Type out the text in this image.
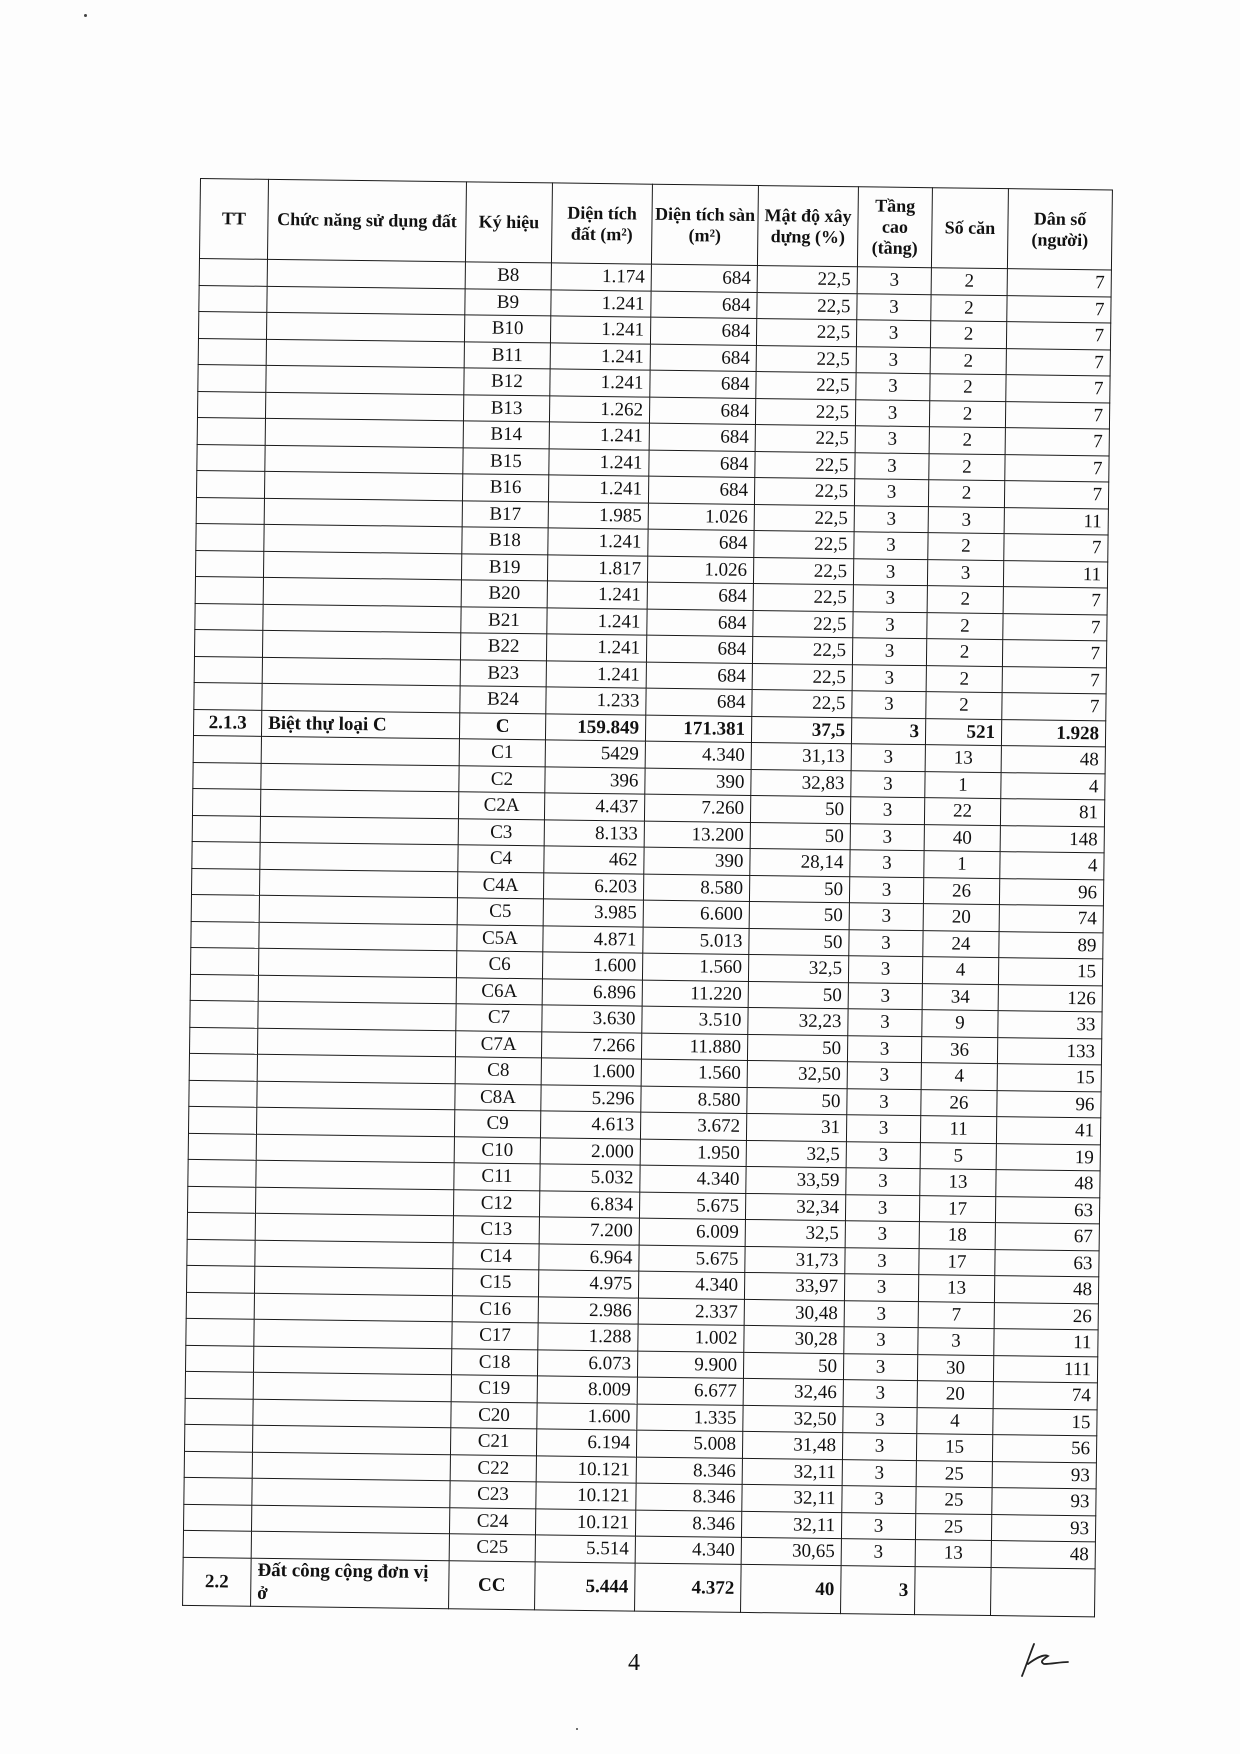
TT	Chức năng sử dụng đất	Ký hiệu	Diện tích đất (m²)	Diện tích sàn (m²)	Mật độ xây dựng (%)	Tầng cao (tầng)	Số căn	Dân số (người)
		B8	1.174	684	22,5	3	2	7
		B9	1.241	684	22,5	3	2	7
		B10	1.241	684	22,5	3	2	7
		B11	1.241	684	22,5	3	2	7
		B12	1.241	684	22,5	3	2	7
		B13	1.262	684	22,5	3	2	7
		B14	1.241	684	22,5	3	2	7
		B15	1.241	684	22,5	3	2	7
		B16	1.241	684	22,5	3	2	7
		B17	1.985	1.026	22,5	3	3	11
		B18	1.241	684	22,5	3	2	7
		B19	1.817	1.026	22,5	3	3	11
		B20	1.241	684	22,5	3	2	7
		B21	1.241	684	22,5	3	2	7
		B22	1.241	684	22,5	3	2	7
		B23	1.241	684	22,5	3	2	7
		B24	1.233	684	22,5	3	2	7
2.1.3	Biệt thự loại C	C	159.849	171.381	37,5	3	521	1.928
		C1	5429	4.340	31,13	3	13	48
		C2	396	390	32,83	3	1	4
		C2A	4.437	7.260	50	3	22	81
		C3	8.133	13.200	50	3	40	148
		C4	462	390	28,14	3	1	4
		C4A	6.203	8.580	50	3	26	96
		C5	3.985	6.600	50	3	20	74
		C5A	4.871	5.013	50	3	24	89
		C6	1.600	1.560	32,5	3	4	15
		C6A	6.896	11.220	50	3	34	126
		C7	3.630	3.510	32,23	3	9	33
		C7A	7.266	11.880	50	3	36	133
		C8	1.600	1.560	32,50	3	4	15
		C8A	5.296	8.580	50	3	26	96
		C9	4.613	3.672	31	3	11	41
		C10	2.000	1.950	32,5	3	5	19
		C11	5.032	4.340	33,59	3	13	48
		C12	6.834	5.675	32,34	3	17	63
		C13	7.200	6.009	32,5	3	18	67
		C14	6.964	5.675	31,73	3	17	63
		C15	4.975	4.340	33,97	3	13	48
		C16	2.986	2.337	30,48	3	7	26
		C17	1.288	1.002	30,28	3	3	11
		C18	6.073	9.900	50	3	30	111
		C19	8.009	6.677	32,46	3	20	74
		C20	1.600	1.335	32,50	3	4	15
		C21	6.194	5.008	31,48	3	15	56
		C22	10.121	8.346	32,11	3	25	93
		C23	10.121	8.346	32,11	3	25	93
		C24	10.121	8.346	32,11	3	25	93
		C25	5.514	4.340	30,65	3	13	48
2.2	Đất công cộng đơn vị ở	CC	5.444	4.372	40	3		
4
